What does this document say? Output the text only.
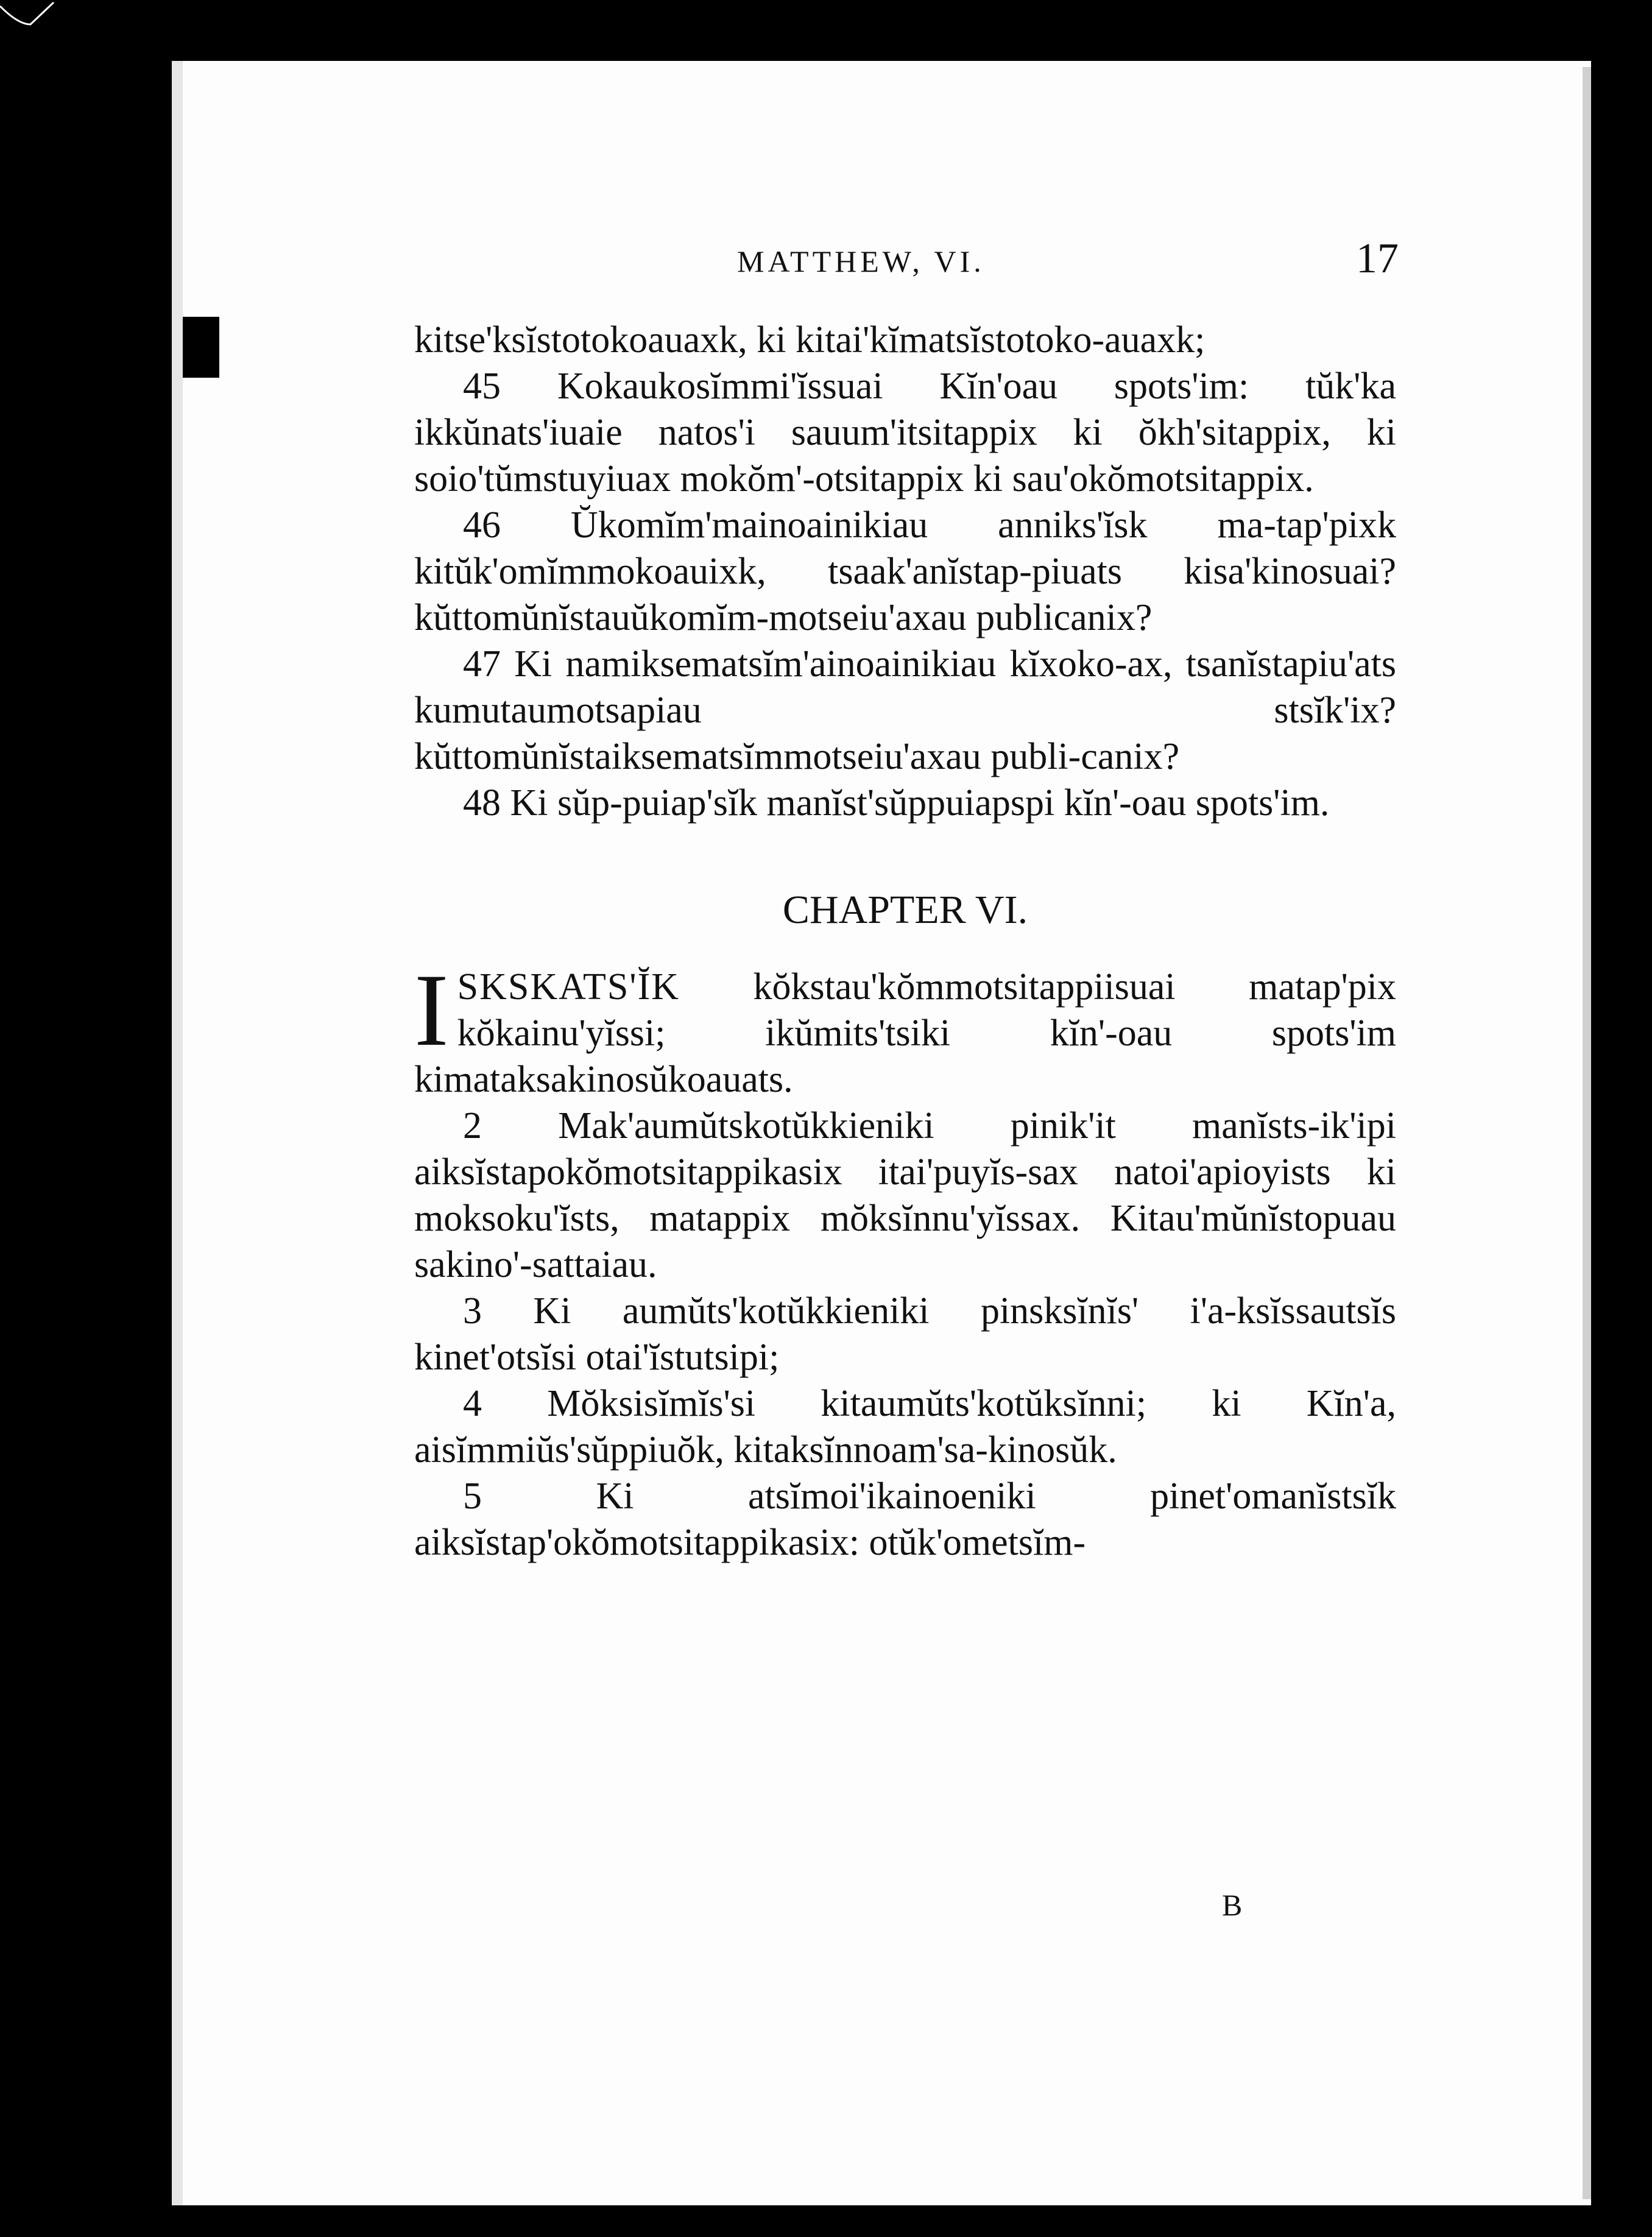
MATTHEW, VI.	17

kitse'ksĭstotokoauaxk, ki kitai'kĭmatsĭstotoko-auaxk;

45 Kokaukosĭmmi'ĭssuai Kĭn'oau spots'im: tŭk'ka ikkŭnats'iuaie natos'i sauum'itsitappix ki ŏkh'sitappix, ki soio'tŭmstuyiuax mokŏm'-otsitappix ki sau'okŏmotsitappix.

46 Ŭkomĭm'mainoainikiau anniks'ĭsk ma-tap'pixk kitŭk'omĭmmokoauixk, tsaak'anĭstap-piuats kisa'kinosuai? kŭttomŭnĭstauŭkomĭm-motseiu'axau publicanix?

47 Ki namiksematsĭm'ainoainikiau kĭxoko-ax, tsanĭstapiu'ats kumutaumotsapiau stsĭk'ix? kŭttomŭnĭstaiksematsĭmmotseiu'axau publi-canix?

48 Ki sŭp-puiap'sĭk manĭst'sŭppuiapspi kĭn'-oau spots'im.

CHAPTER VI.

I SKSKATS'ĬK kŏkstau'kŏmmotsitappiisuai matap'pix kŏkainu'yĭssi; ikŭmits'tsiki kĭn'-oau spots'im kimataksakinosŭkoauats.

2 Mak'aumŭtskotŭkkieniki pinik'it manĭsts-ik'ipi aiksĭstapokŏmotsitappikasix itai'puyĭs-sax natoi'apioyists ki moksoku'ĭsts, matappix mŏksĭnnu'yĭssax. Kitau'mŭnĭstopuau sakino'-sattaiau.

3 Ki aumŭts'kotŭkkieniki pinsksĭnĭs' i'a-ksĭssautsĭs kinet'otsĭsi otai'ĭstutsipi;

4 Mŏksisĭmĭs'si kitaumŭts'kotŭksĭnni; ki Kĭn'a, aisĭmmiŭs'sŭppiuŏk, kitaksĭnnoam'sa-kinosŭk.

5 Ki atsĭmoi'ikainoeniki pinet'omanĭstsĭk aiksĭstap'okŏmotsitappikasix: otŭk'ometsĭm-

B
